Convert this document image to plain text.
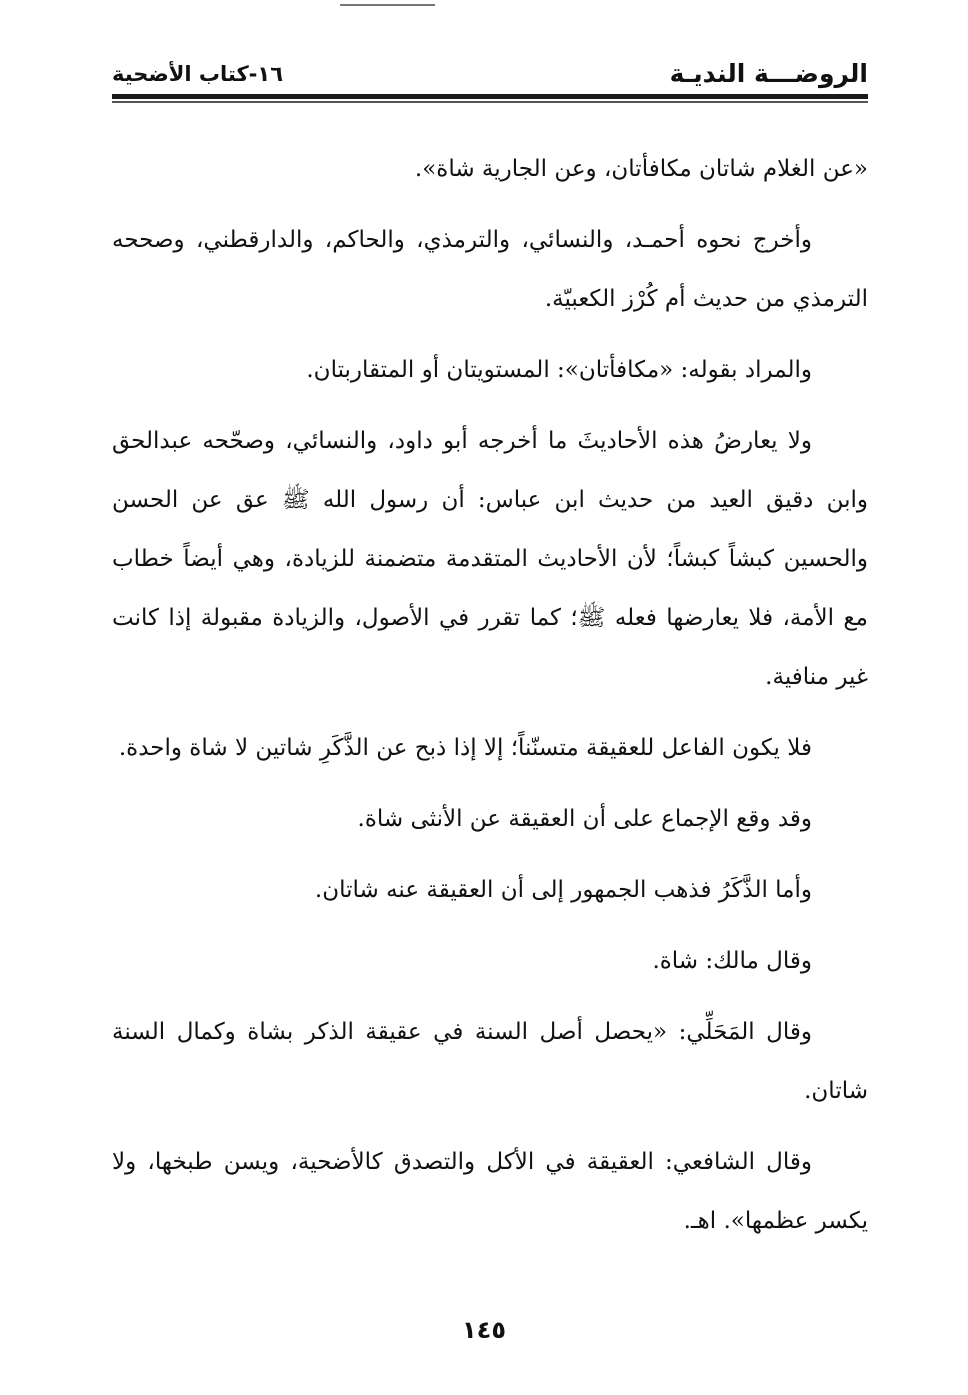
الروضـــة النديـة
١٦-كتاب الأضحية

«عن الغلام شاتان مكافأتان، وعن الجارية شاة».

وأخرج نحوه أحمـد، والنسائي، والترمذي، والحاكم، والدارقطني، وصححه الترمذي من حديث أم كُرْز الكعبيّة.

والمراد بقوله: «مكافأتان»: المستويتان أو المتقاربتان.

ولا يعارضُ هذه الأحاديثَ ما أخرجه أبو داود، والنسائي، وصحّحه عبدالحق وابن دقيق العيد من حديث ابن عباس: أن رسول الله ﷺ عق عن الحسن والحسين كبشاً كبشاً؛ لأن الأحاديث المتقدمة متضمنة للزيادة، وهي أيضاً خطاب مع الأمة، فلا يعارضها فعله ﷺ؛ كما تقرر في الأصول، والزيادة مقبولة إذا كانت غير منافية.

فلا يكون الفاعل للعقيقة متسنّناً؛ إلا إذا ذبح عن الذَّكَرِ شاتين لا شاة واحدة.

وقد وقع الإجماع على أن العقيقة عن الأنثى شاة.

وأما الذَّكَرُ فذهب الجمهور إلى أن العقيقة عنه شاتان.

وقال مالك: شاة.

وقال المَحَلِّي: «يحصل أصل السنة في عقيقة الذكر بشاة وكمال السنة شاتان.

وقال الشافعي: العقيقة في الأكل والتصدق كالأضحية، ويسن طبخها، ولا يكسر عظمها». اهـ.

١٤٥
